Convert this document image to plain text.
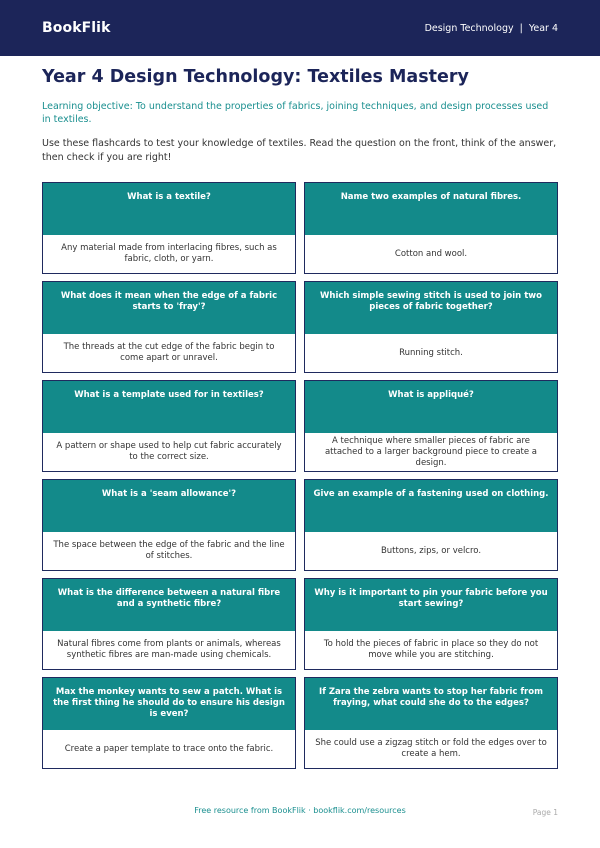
BookFlik	Design Technology | Year 4
Year 4 Design Technology: Textiles Mastery

Learning objective: To understand the properties of fabrics, joining techniques, and design processes used in textiles.

Use these flashcards to test your knowledge of textiles. Read the question on the front, think of the answer, then check if you are right!

What is a textile?
Any material made from interlacing fibres, such as fabric, cloth, or yarn.
Name two examples of natural fibres.
Cotton and wool.
What does it mean when the edge of a fabric starts to 'fray'?
The threads at the cut edge of the fabric begin to come apart or unravel.
Which simple sewing stitch is used to join two pieces of fabric together?
Running stitch.
What is a template used for in textiles?
A pattern or shape used to help cut fabric accurately to the correct size.
What is appliqué?
A technique where smaller pieces of fabric are attached to a larger background piece to create a design.
What is a 'seam allowance'?
The space between the edge of the fabric and the line of stitches.
Give an example of a fastening used on clothing.
Buttons, zips, or velcro.
What is the difference between a natural fibre and a synthetic fibre?
Natural fibres come from plants or animals, whereas synthetic fibres are man-made using chemicals.
Why is it important to pin your fabric before you start sewing?
To hold the pieces of fabric in place so they do not move while you are stitching.
Max the monkey wants to sew a patch. What is the first thing he should do to ensure his design is even?
Create a paper template to trace onto the fabric.
If Zara the zebra wants to stop her fabric from fraying, what could she do to the edges?
She could use a zigzag stitch or fold the edges over to create a hem.
Free resource from BookFlik · bookflik.com/resources	Page 1
